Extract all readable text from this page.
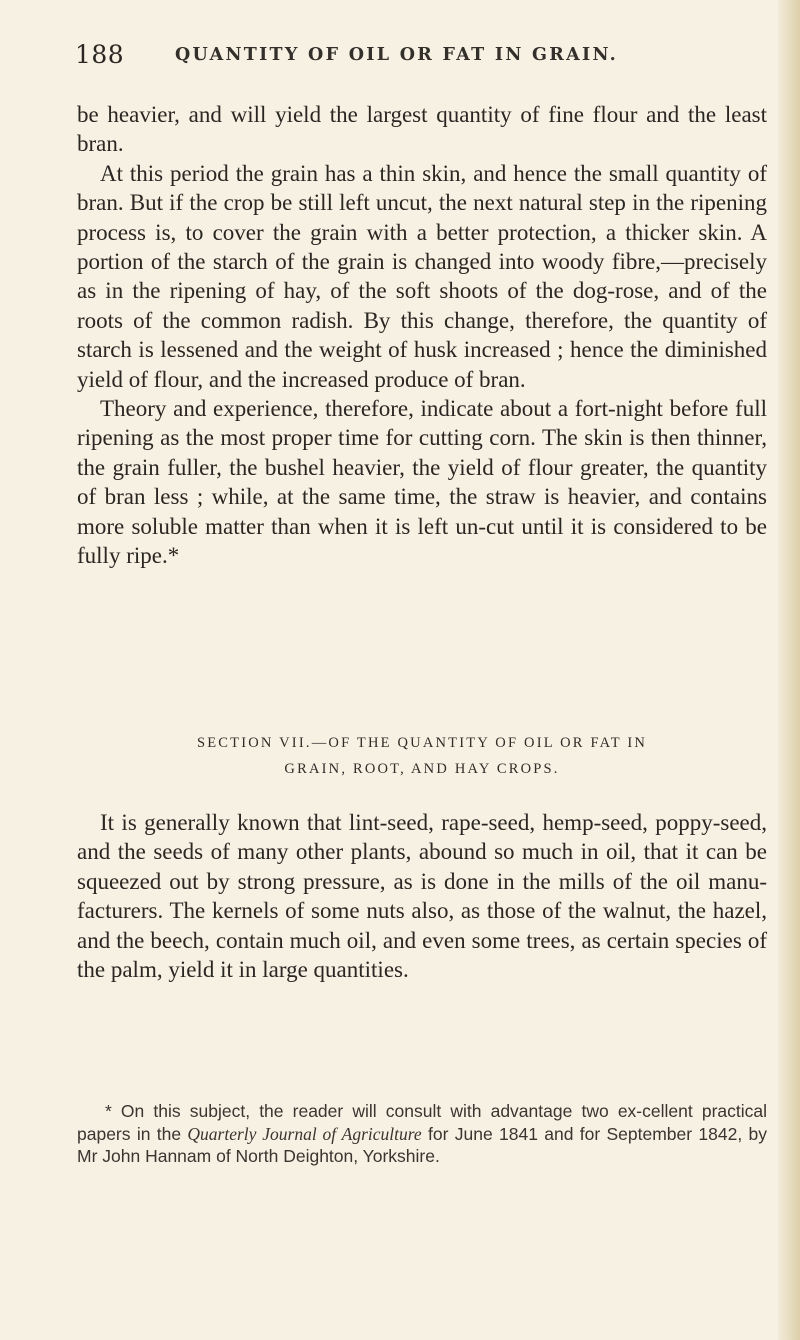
188	QUANTITY OF OIL OR FAT IN GRAIN.

be heavier, and will yield the largest quantity of fine flour and the least bran.

At this period the grain has a thin skin, and hence the small quantity of bran. But if the crop be still left uncut, the next natural step in the ripening process is, to cover the grain with a better protection, a thicker skin. A portion of the starch of the grain is changed into woody fibre,—precisely as in the ripening of hay, of the soft shoots of the dog-rose, and of the roots of the common radish. By this change, therefore, the quantity of starch is lessened and the weight of husk increased ; hence the diminished yield of flour, and the increased produce of bran.

Theory and experience, therefore, indicate about a fort-night before full ripening as the most proper time for cutting corn. The skin is then thinner, the grain fuller, the bushel heavier, the yield of flour greater, the quantity of bran less ; while, at the same time, the straw is heavier, and contains more soluble matter than when it is left un-cut until it is considered to be fully ripe.*

SECTION VII.—OF THE QUANTITY OF OIL OR FAT IN
GRAIN, ROOT, AND HAY CROPS.

It is generally known that lint-seed, rape-seed, hemp-seed, poppy-seed, and the seeds of many other plants, abound so much in oil, that it can be squeezed out by strong pressure, as is done in the mills of the oil manu-facturers. The kernels of some nuts also, as those of the walnut, the hazel, and the beech, contain much oil, and even some trees, as certain species of the palm, yield it in large quantities.

* On this subject, the reader will consult with advantage two ex-cellent practical papers in the Quarterly Journal of Agriculture for June 1841 and for September 1842, by Mr John Hannam of North Deighton, Yorkshire.
